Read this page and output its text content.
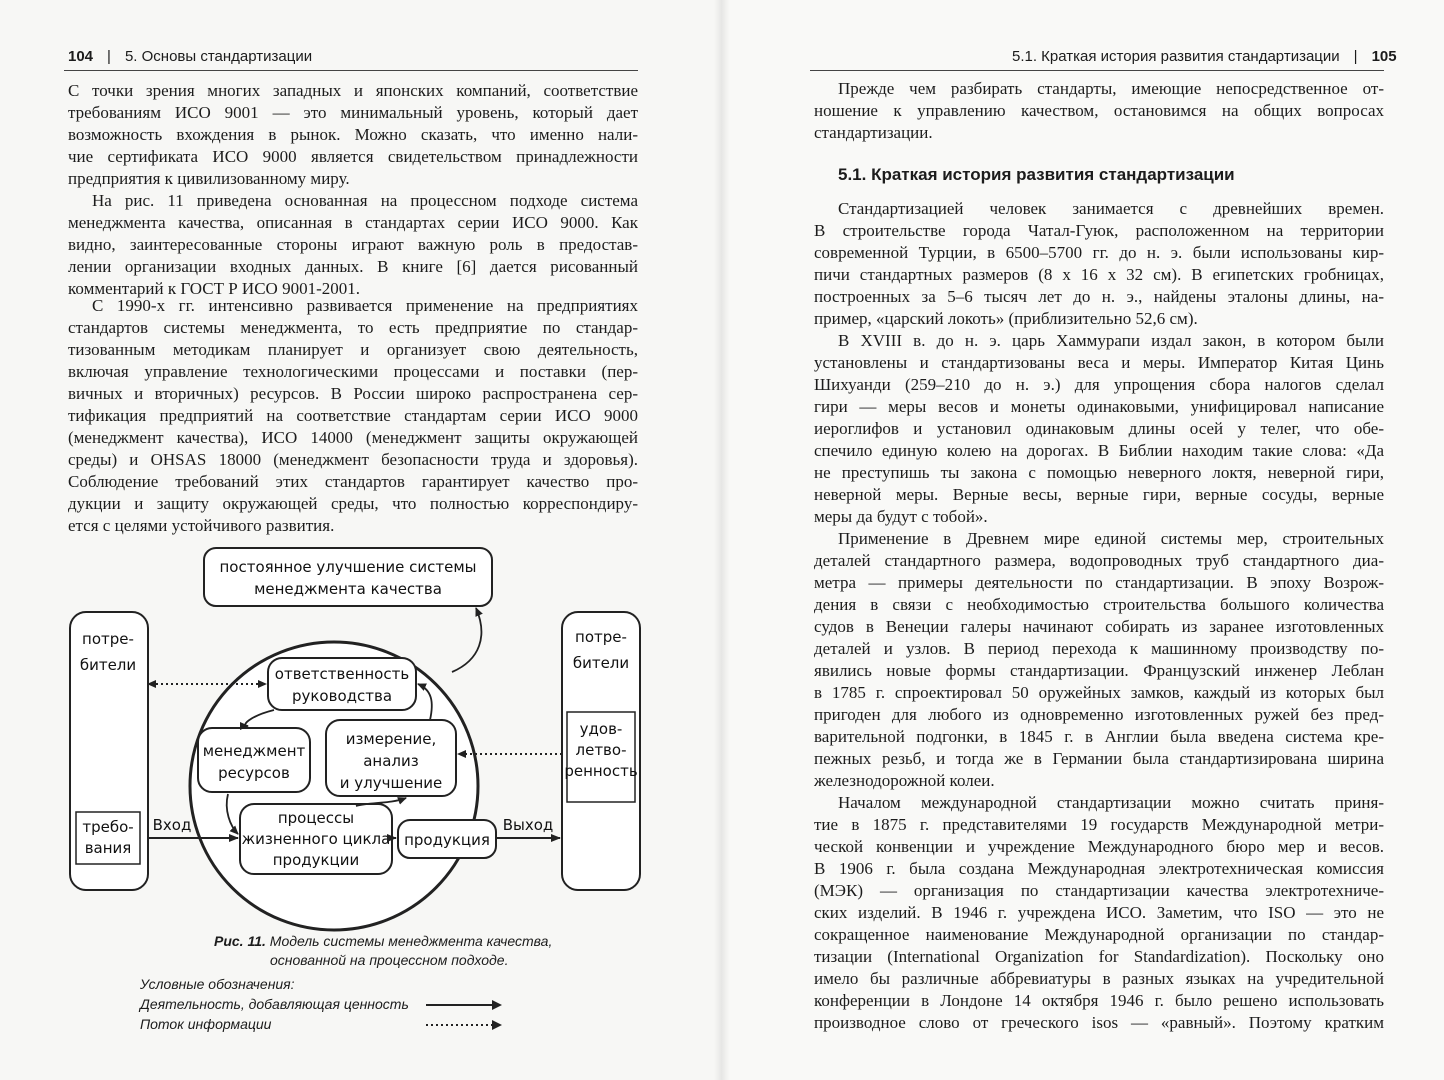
104 | 5. Основы стандартизации
С точки зрения многих западных и японских компаний, соответствие
требованиям ИСО 9001 — это минимальный уровень, который дает
возможность вхождения в рынок. Можно сказать, что именно нали-
чие сертификата ИСО 9000 является свидетельством принадлежности
предприятия к цивилизованному миру.
На рис. 11 приведена основанная на процессном подходе система
менеджмента качества, описанная в стандартах серии ИСО 9000. Как
видно, заинтересованные стороны играют важную роль в предостав-
лении организации входных данных. В книге [6] дается рисованный
комментарий к ГОСТ Р ИСО 9001-2001.
С 1990-х гг. интенсивно развивается применение на предприятиях
стандартов системы менеджмента, то есть предприятие по стандар-
тизованным методикам планирует и организует свою деятельность,
включая управление технологическими процессами и поставки (пер-
вичных и вторичных) ресурсов. В России широко распространена сер-
тификация предприятий на соответствие стандартам серии ИСО 9000
(менеджмент качества), ИСО 14000 (менеджмент защиты окружающей
среды) и OHSAS 18000 (менеджмент безопасности труда и здоровья).
Соблюдение требований этих стандартов гарантирует качество про-
дукции и защиту окружающей среды, что полностью корреспондиру-
ется с целями устойчивого развития.
постоянное улучшение системы
менеджмента качества
потре-
бители
требо-
вания
потре-
бители
удов-
летво-
ренность
ответственность
руководства
менеджмент
ресурсов
измерение,
анализ
и улучшение
процессы
жизненного цикла
продукции
продукция
Вход	Выход
Рис. 11. Модель системы менеджмента качества,
основанной на процессном подходе.
Условные обозначения:
Деятельность, добавляющая ценность
Поток информации
5.1. Краткая история развития стандартизации | 105
Прежде чем разбирать стандарты, имеющие непосредственное от-
ношение к управлению качеством, остановимся на общих вопросах
стандартизации.
5.1. Краткая история развития стандартизации
Стандартизацией человек занимается с древнейших времен.
В строительстве города Чатал-Гуюк, расположенном на территории
современной Турции, в 6500–5700 гг. до н. э. были использованы кир-
пичи стандартных размеров (8 х 16 х 32 см). В египетских гробницах,
построенных за 5–6 тысяч лет до н. э., найдены эталоны длины, на-
пример, «царский локоть» (приблизительно 52,6 см).
В XVIII в. до н. э. царь Хаммурапи издал закон, в котором были
установлены и стандартизованы веса и меры. Император Китая Цинь
Шихуанди (259–210 до н. э.) для упрощения сбора налогов сделал
гири — меры весов и монеты одинаковыми, унифицировал написание
иероглифов и установил одинаковым длины осей у телег, что обе-
спечило единую колею на дорогах. В Библии находим такие слова: «Да
не преступишь ты закона с помощью неверного локтя, неверной гири,
неверной меры. Верные весы, верные гири, верные сосуды, верные
меры да будут с тобой».
Применение в Древнем мире единой системы мер, строительных
деталей стандартного размера, водопроводных труб стандартного диа-
метра — примеры деятельности по стандартизации. В эпоху Возрож-
дения в связи с необходимостью строительства большого количества
судов в Венеции галеры начинают собирать из заранее изготовленных
деталей и узлов. В период перехода к машинному производству по-
явились новые формы стандартизации. Французский инженер Леблан
в 1785 г. спроектировал 50 оружейных замков, каждый из которых был
пригоден для любого из одновременно изготовленных ружей без пред-
варительной подгонки, в 1845 г. в Англии была введена система кре-
пежных резьб, и тогда же в Германии была стандартизирована ширина
железнодорожной колеи.
Началом международной стандартизации можно считать приня-
тие в 1875 г. представителями 19 государств Международной метри-
ческой конвенции и учреждение Международного бюро мер и весов.
В 1906 г. была создана Международная электротехническая комиссия
(МЭК) — организация по стандартизации качества электротехниче-
ских изделий. В 1946 г. учреждена ИСО. Заметим, что ISO — это не
сокращенное наименование Международной организации по стандар-
тизации (International Organization for Standardization). Поскольку оно
имело бы различные аббревиатуры в разных языках на учредительной
конференции в Лондоне 14 октября 1946 г. было решено использовать
производное слово от греческого isos — «равный». Поэтому кратким
